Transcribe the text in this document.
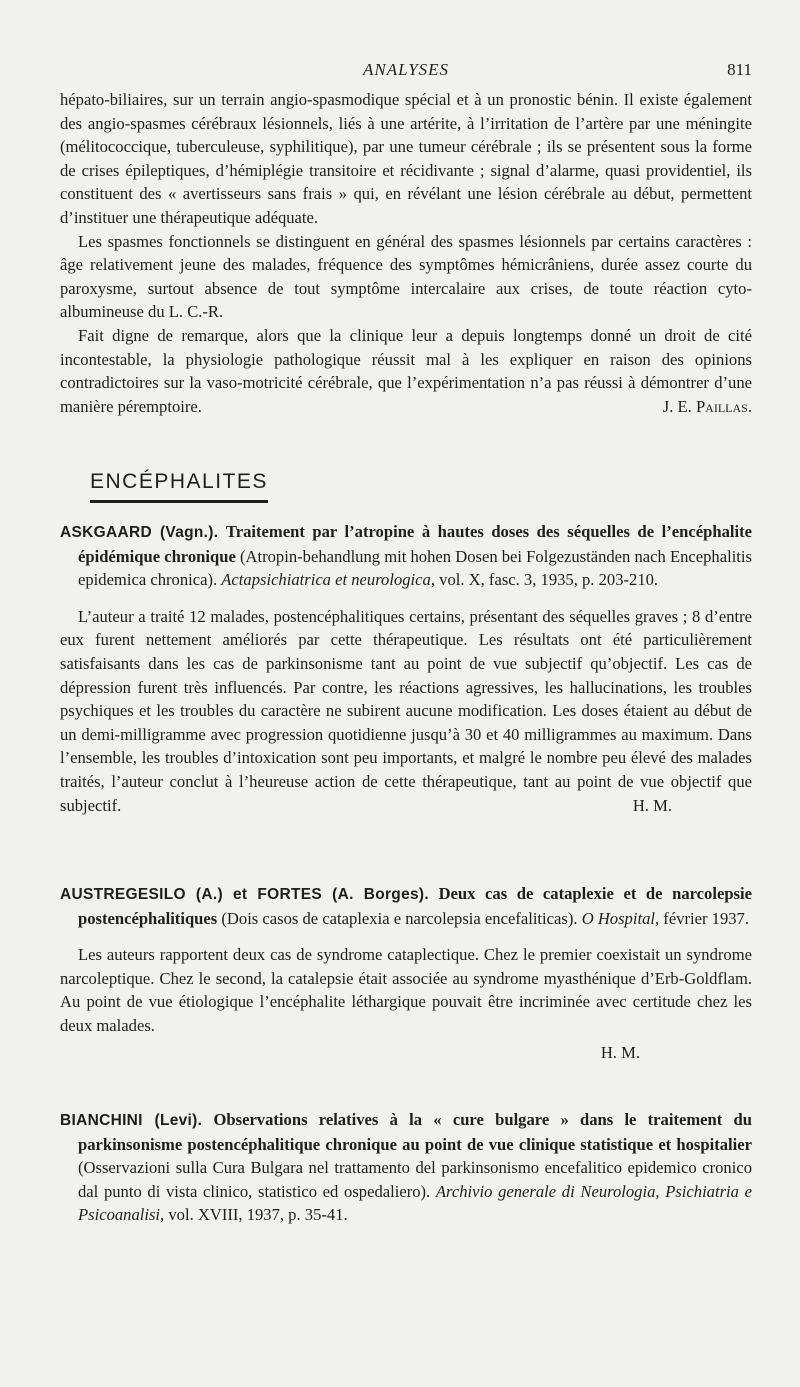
ANALYSES	811

hépato-biliaires, sur un terrain angio-spasmodique spécial et à un pronostic bénin. Il existe également des angio-spasmes cérébraux lésionnels, liés à une artérite, à l’irritation de l’artère par une méningite (mélitococcique, tuberculeuse, syphilitique), par une tumeur cérébrale ; ils se présentent sous la forme de crises épileptiques, d’hémiplégie transitoire et récidivante ; signal d’alarme, quasi providentiel, ils constituent des « avertisseurs sans frais » qui, en révélant une lésion cérébrale au début, permettent d’instituer une thérapeutique adéquate.

Les spasmes fonctionnels se distinguent en général des spasmes lésionnels par certains caractères : âge relativement jeune des malades, fréquence des symptômes hémicrâniens, durée assez courte du paroxysme, surtout absence de tout symptôme intercalaire aux crises, de toute réaction cyto-albumineuse du L. C.-R.

Fait digne de remarque, alors que la clinique leur a depuis longtemps donné un droit de cité incontestable, la physiologie pathologique réussit mal à les expliquer en raison des opinions contradictoires sur la vaso-motricité cérébrale, que l’expérimentation n’a pas réussi à démontrer d’une manière péremptoire.	J. E. Paillas.

ENCÉPHALITES
ASKGAARD (Vagn.). Traitement par l’atropine à hautes doses des séquelles de l’encéphalite épidémique chronique (Atropin-behandlung mit hohen Dosen bei Folgezuständen nach Encephalitis epidemica chronica). Actapsichiatrica et neurologica, vol. X, fasc. 3, 1935, p. 203-210.

L’auteur a traité 12 malades, postencéphalitiques certains, présentant des séquelles graves ; 8 d’entre eux furent nettement améliorés par cette thérapeutique. Les résultats ont été particulièrement satisfaisants dans les cas de parkinsonisme tant au point de vue subjectif qu’objectif. Les cas de dépression furent très influencés. Par contre, les réactions agressives, les hallucinations, les troubles psychiques et les troubles du caractère ne subirent aucune modification. Les doses étaient au début de un demi-milligramme avec progression quotidienne jusqu’à 30 et 40 milligrammes au maximum. Dans l’ensemble, les troubles d’intoxication sont peu importants, et malgré le nombre peu élevé des malades traités, l’auteur conclut à l’heureuse action de cette thérapeutique, tant au point de vue objectif que subjectif.	H. M.

AUSTREGESILO (A.) et FORTES (A. Borges). Deux cas de cataplexie et de narcolepsie postencéphalitiques (Dois casos de cataplexia e narcolepsia encefaliticas). O Hospital, février 1937.

Les auteurs rapportent deux cas de syndrome cataplectique. Chez le premier coexistait un syndrome narcoleptique. Chez le second, la catalepsie était associée au syndrome myasthénique d’Erb-Goldflam. Au point de vue étiologique l’encéphalite léthargique pouvait être incriminée avec certitude chez les deux malades.

H. M.
BIANCHINI (Levi). Observations relatives à la « cure bulgare » dans le traitement du parkinsonisme postencéphalitique chronique au point de vue clinique statistique et hospitalier (Osservazioni sulla Cura Bulgara nel trattamento del parkinsonismo encefalitico epidemico cronico dal punto di vista clinico, statistico ed ospedaliero). Archivio generale di Neurologia, Psichiatria e Psicoanalisi, vol. XVIII, 1937, p. 35-41.
